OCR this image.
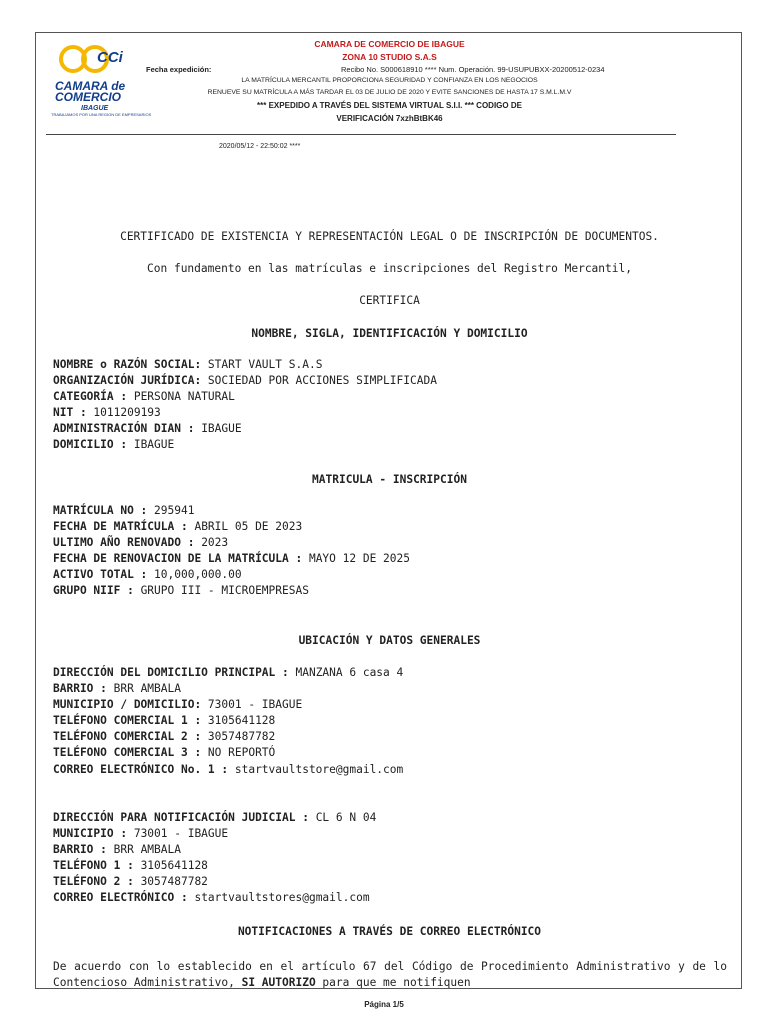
CCi
CAMARA de
COMERCIO
IBAGUE
TRABAJAMOS POR UNA REGION DE EMPRESARIOS
CAMARA DE COMERCIO DE IBAGUE
ZONA 10 STUDIO S.A.S
Fecha expedición:	Recibo No. S000618910 **** Num. Operación. 99-USUPUBXX-20200512-0234
LA MATRÍCULA MERCANTIL PROPORCIONA SEGURIDAD Y CONFIANZA EN LOS NEGOCIOS
RENUEVE SU MATRÍCULA A MÁS TARDAR EL 03 DE JULIO DE 2020 Y EVITE SANCIONES DE HASTA 17 S.M.L.M.V
*** EXPEDIDO A TRAVÉS DEL SISTEMA VIRTUAL S.I.I. *** CODIGO DE
VERIFICACIÓN 7xzhBtBK46
2020/05/12 - 22:50:02 ****
CERTIFICADO DE EXISTENCIA Y REPRESENTACIÓN LEGAL O DE INSCRIPCIÓN DE DOCUMENTOS.
Con fundamento en las matrículas e inscripciones del Registro Mercantil,
CERTIFICA
NOMBRE, SIGLA, IDENTIFICACIÓN Y DOMICILIO
NOMBRE o RAZÓN SOCIAL: START VAULT S.A.S
ORGANIZACIÓN JURÍDICA: SOCIEDAD POR ACCIONES SIMPLIFICADA
CATEGORÍA : PERSONA NATURAL
NIT : 1011209193
ADMINISTRACIÓN DIAN : IBAGUE
DOMICILIO : IBAGUE
MATRICULA - INSCRIPCIÓN
MATRÍCULA NO : 295941
FECHA DE MATRÍCULA : ABRIL 05 DE 2023
ULTIMO AÑO RENOVADO : 2023
FECHA DE RENOVACION DE LA MATRÍCULA : MAYO 12 DE 2025
ACTIVO TOTAL : 10,000,000.00
GRUPO NIIF : GRUPO III - MICROEMPRESAS
UBICACIÓN Y DATOS GENERALES
DIRECCIÓN DEL DOMICILIO PRINCIPAL : MANZANA 6 casa 4
BARRIO : BRR AMBALA
MUNICIPIO / DOMICILIO: 73001 - IBAGUE
TELÉFONO COMERCIAL 1 : 3105641128
TELÉFONO COMERCIAL 2 : 3057487782
TELÉFONO COMERCIAL 3 : NO REPORTÓ
CORREO ELECTRÓNICO No. 1 : startvaultstore@gmail.com
DIRECCIÓN PARA NOTIFICACIÓN JUDICIAL : CL 6 N 04
MUNICIPIO : 73001 - IBAGUE
BARRIO : BRR AMBALA
TELÉFONO 1 : 3105641128
TELÉFONO 2 : 3057487782
CORREO ELECTRÓNICO : startvaultstores@gmail.com
NOTIFICACIONES A TRAVÉS DE CORREO ELECTRÓNICO
De acuerdo con lo establecido en el artículo 67 del Código de Procedimiento Administrativo y de lo Contencioso Administrativo, SI AUTORIZO para que me notifiquen
Página 1/5
